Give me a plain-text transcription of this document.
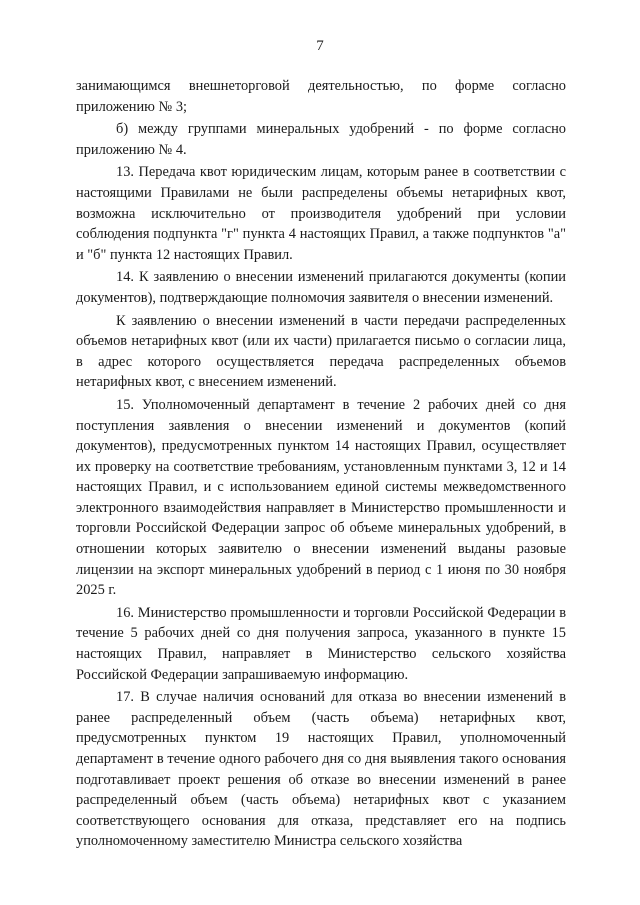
7

занимающимся внешнеторговой деятельностью, по форме согласно приложению № 3;

б) между группами минеральных удобрений - по форме согласно приложению № 4.

13. Передача квот юридическим лицам, которым ранее в соответствии с настоящими Правилами не были распределены объемы нетарифных квот, возможна исключительно от производителя удобрений при условии соблюдения подпункта "г" пункта 4 настоящих Правил, а также подпунктов "а" и "б" пункта 12 настоящих Правил.

14. К заявлению о внесении изменений прилагаются документы (копии документов), подтверждающие полномочия заявителя о внесении изменений.

К заявлению о внесении изменений в части передачи распределенных объемов нетарифных квот (или их части) прилагается письмо о согласии лица, в адрес которого осуществляется передача распределенных объемов нетарифных квот, с внесением изменений.

15. Уполномоченный департамент в течение 2 рабочих дней со дня поступления заявления о внесении изменений и документов (копий документов), предусмотренных пунктом 14 настоящих Правил, осуществляет их проверку на соответствие требованиям, установленным пунктами 3, 12 и 14 настоящих Правил, и с использованием единой системы межведомственного электронного взаимодействия направляет в Министерство промышленности и торговли Российской Федерации запрос об объеме минеральных удобрений, в отношении которых заявителю о внесении изменений выданы разовые лицензии на экспорт минеральных удобрений в период с 1 июня по 30 ноября 2025 г.

16. Министерство промышленности и торговли Российской Федерации в течение 5 рабочих дней со дня получения запроса, указанного в пункте 15 настоящих Правил, направляет в Министерство сельского хозяйства Российской Федерации запрашиваемую информацию.

17. В случае наличия оснований для отказа во внесении изменений в ранее распределенный объем (часть объема) нетарифных квот, предусмотренных пунктом 19 настоящих Правил, уполномоченный департамент в течение одного рабочего дня со дня выявления такого основания подготавливает проект решения об отказе во внесении изменений в ранее распределенный объем (часть объема) нетарифных квот с указанием соответствующего основания для отказа, представляет его на подпись уполномоченному заместителю Министра сельского хозяйства
